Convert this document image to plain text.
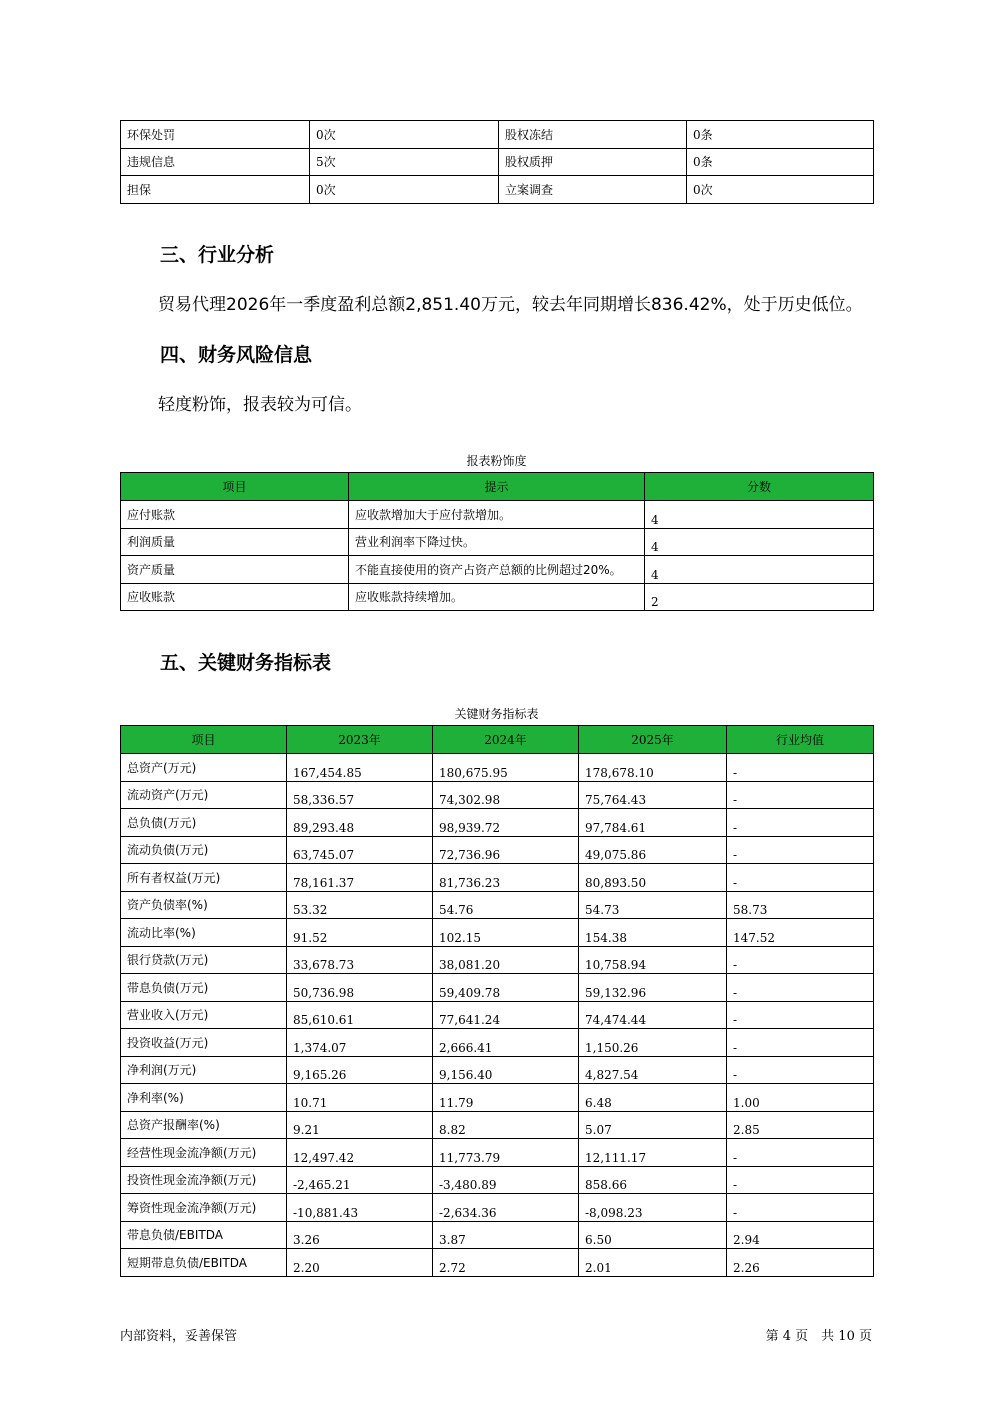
环保处罚	0次	股权冻结	0条
违规信息	5次	股权质押	0条
担保	0次	立案调查	0次
三、行业分析
贸易代理2026年一季度盈利总额2,851.40万元，较去年同期增长836.42%，处于历史低位。
四、财务风险信息
轻度粉饰，报表较为可信。
报表粉饰度
项目	提示	分数
应付账款	应收款增加大于应付款增加。	4
利润质量	营业利润率下降过快。	4
资产质量	不能直接使用的资产占资产总额的比例超过20%。	4
应收账款	应收账款持续增加。	2
五、关键财务指标表
关键财务指标表
项目	2023年	2024年	2025年	行业均值
总资产(万元)	167,454.85	180,675.95	178,678.10	-
流动资产(万元)	58,336.57	74,302.98	75,764.43	-
总负债(万元)	89,293.48	98,939.72	97,784.61	-
流动负债(万元)	63,745.07	72,736.96	49,075.86	-
所有者权益(万元)	78,161.37	81,736.23	80,893.50	-
资产负债率(%)	53.32	54.76	54.73	58.73
流动比率(%)	91.52	102.15	154.38	147.52
银行贷款(万元)	33,678.73	38,081.20	10,758.94	-
带息负债(万元)	50,736.98	59,409.78	59,132.96	-
营业收入(万元)	85,610.61	77,641.24	74,474.44	-
投资收益(万元)	1,374.07	2,666.41	1,150.26	-
净利润(万元)	9,165.26	9,156.40	4,827.54	-
净利率(%)	10.71	11.79	6.48	1.00
总资产报酬率(%)	9.21	8.82	5.07	2.85
经营性现金流净额(万元)	12,497.42	11,773.79	12,111.17	-
投资性现金流净额(万元)	-2,465.21	-3,480.89	858.66	-
筹资性现金流净额(万元)	-10,881.43	-2,634.36	-8,098.23	-
带息负债/EBITDA	3.26	3.87	6.50	2.94
短期带息负债/EBITDA	2.20	2.72	2.01	2.26
内部资料，妥善保管	第 4 页　共 10 页
